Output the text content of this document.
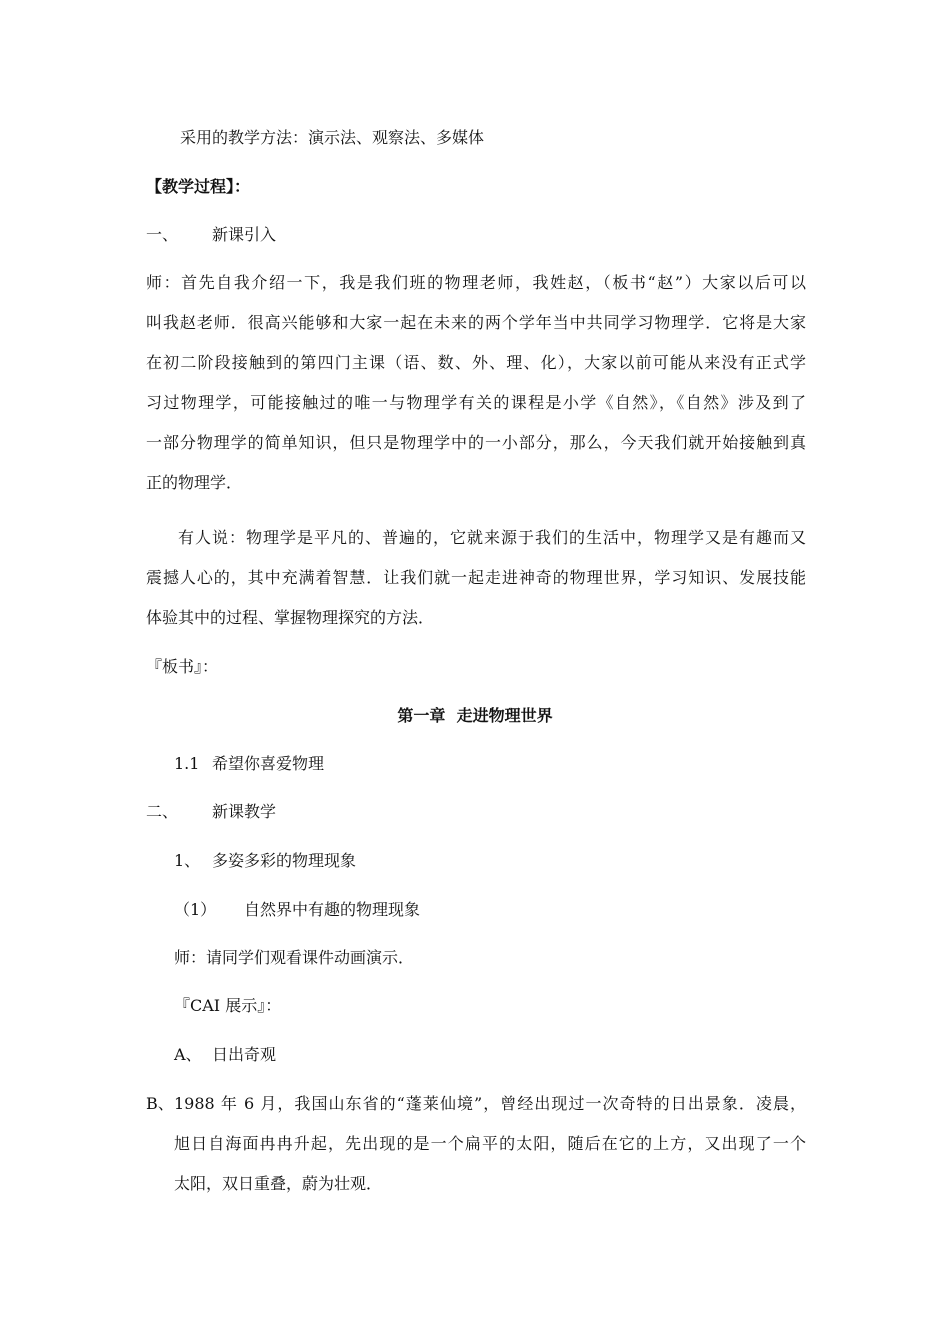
采用的教学方法：演示法、观察法、多媒体
【教学过程】：
一、 新课引入
师：首先自我介绍一下，我是我们班的物理老师，我姓赵，（板书“赵”）大家以后可以
叫我赵老师．很高兴能够和大家一起在未来的两个学年当中共同学习物理学．它将是大家
在初二阶段接触到的第四门主课（语、数、外、理、化），大家以前可能从来没有正式学
习过物理学，可能接触过的唯一与物理学有关的课程是小学《自然》，《自然》涉及到了
一部分物理学的简单知识，但只是物理学中的一小部分，那么，今天我们就开始接触到真
正的物理学．
有人说：物理学是平凡的、普遍的，它就来源于我们的生活中，物理学又是有趣而又
震撼人心的，其中充满着智慧．让我们就一起走进神奇的物理世界，学习知识、发展技能
体验其中的过程、掌握物理探究的方法．
『板书』：
第一章  走进物理世界
1.1 希望你喜爱物理
二、 新课教学
1、 多姿多彩的物理现象
（1） 自然界中有趣的物理现象
师：请同学们观看课件动画演示．
『CAI 展示』：
A、 日出奇观
B、 1988 年 6 月，我国山东省的“蓬莱仙境”，曾经出现过一次奇特的日出景象．凌晨，
旭日自海面冉冉升起，先出现的是一个扁平的太阳，随后在它的上方，又出现了一个
太阳，双日重叠，蔚为壮观．
